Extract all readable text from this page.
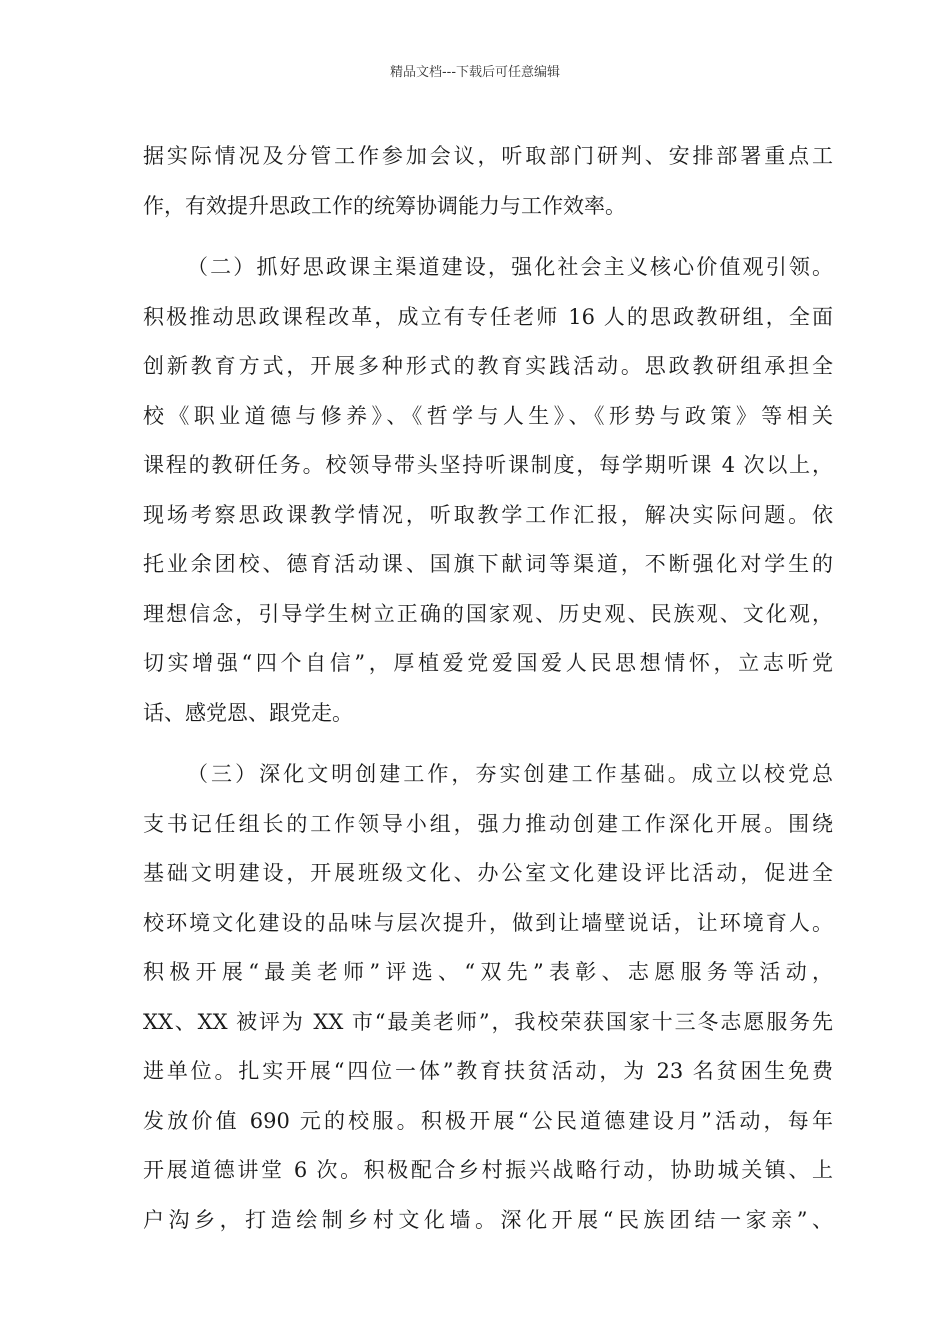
精品文档---下载后可任意编辑
据实际情况及分管工作参加会议，听取部门研判、安排部署重点工
作，有效提升思政工作的统筹协调能力与工作效率。
（二）抓好思政课主渠道建设，强化社会主义核心价值观引领。
积极推动思政课程改革，成立有专任老师 16 人的思政教研组，全面
创新教育方式，开展多种形式的教育实践活动。思政教研组承担全
校《职业道德与修养》、《哲学与人生》、《形势与政策》等相关
课程的教研任务。校领导带头坚持听课制度，每学期听课 4 次以上，
现场考察思政课教学情况，听取教学工作汇报，解决实际问题。依
托业余团校、德育活动课、国旗下献词等渠道，不断强化对学生的
理想信念，引导学生树立正确的国家观、历史观、民族观、文化观，
切实增强“四个自信”，厚植爱党爱国爱人民思想情怀，立志听党
话、感党恩、跟党走。
（三）深化文明创建工作，夯实创建工作基础。成立以校党总
支书记任组长的工作领导小组，强力推动创建工作深化开展。围绕
基础文明建设，开展班级文化、办公室文化建设评比活动，促进全
校环境文化建设的品味与层次提升，做到让墙壁说话，让环境育人。
积极开展“最美老师”评选、“双先”表彰、志愿服务等活动，
XX、XX 被评为 XX 市“最美老师”，我校荣获国家十三冬志愿服务先
进单位。扎实开展“四位一体”教育扶贫活动，为 23 名贫困生免费
发放价值 690 元的校服。积极开展“公民道德建设月”活动，每年
开展道德讲堂 6 次。积极配合乡村振兴战略行动，协助城关镇、上
户沟乡，打造绘制乡村文化墙。深化开展“民族团结一家亲”、
